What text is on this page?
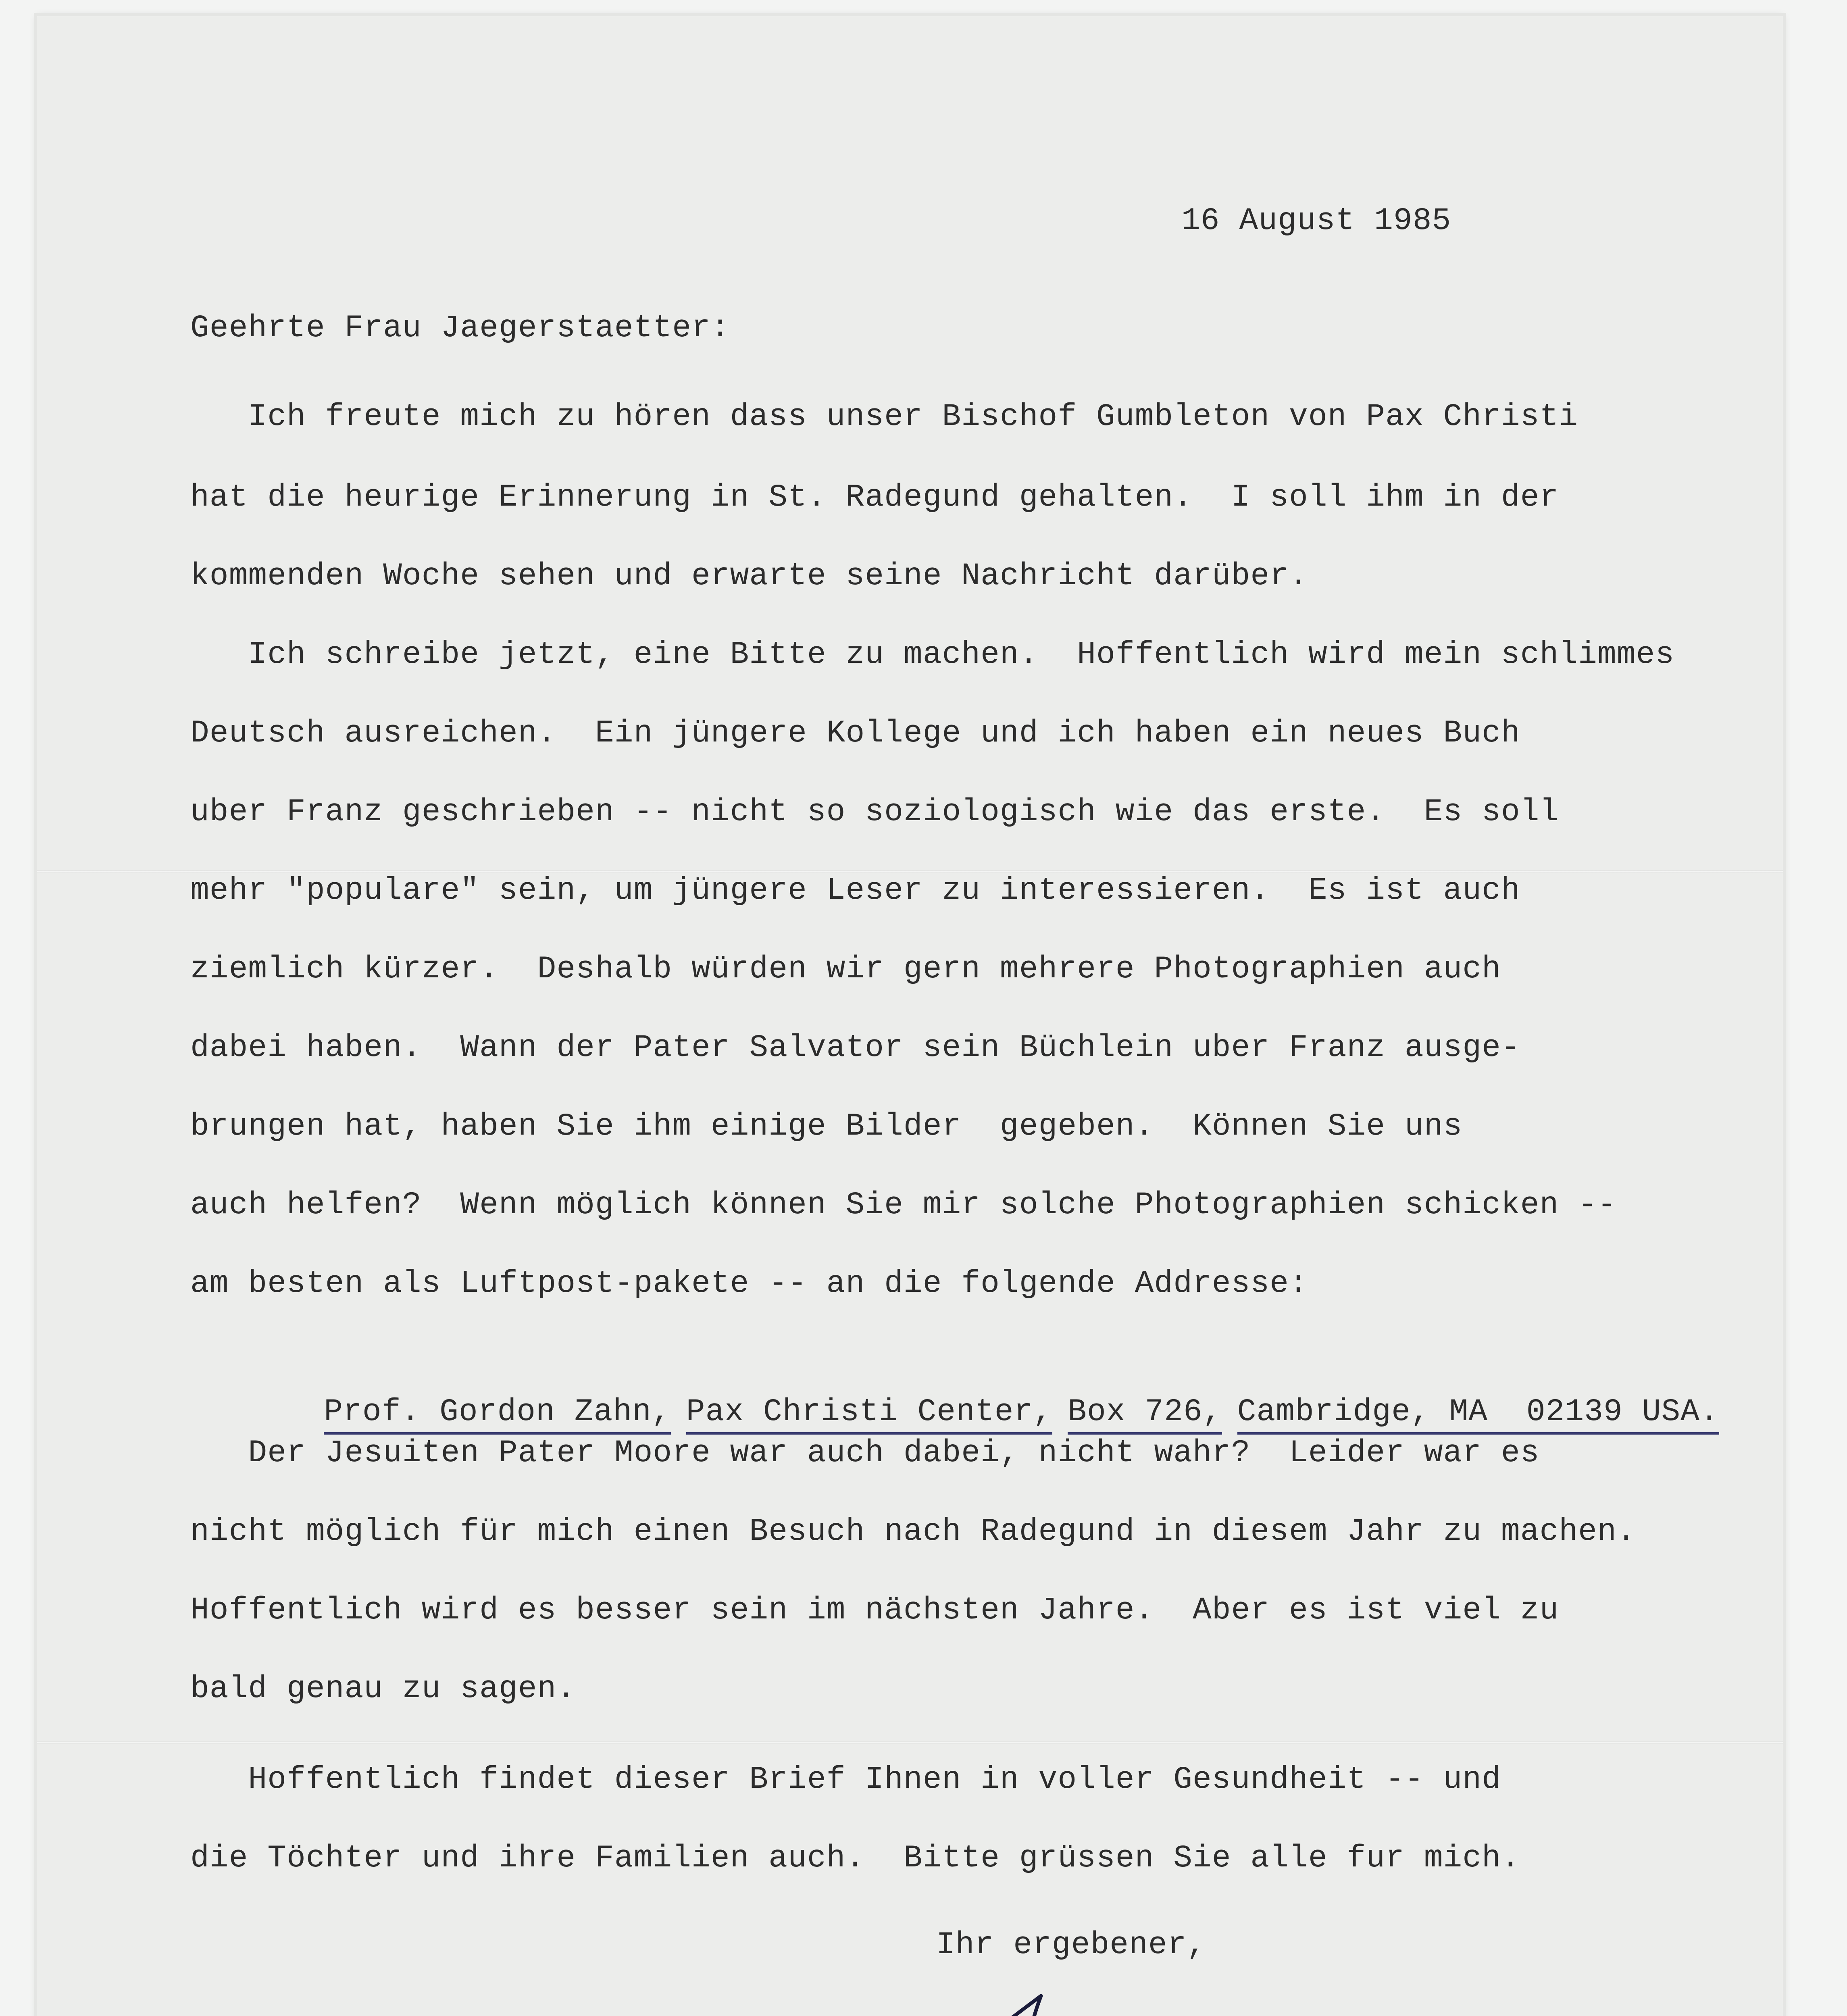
16 August 1985
Geehrte Frau Jaegerstaetter:
Ich freute mich zu hören dass unser Bischof Gumbleton von Pax Christi
hat die heurige Erinnerung in St. Radegund gehalten.  I soll ihm in der
kommenden Woche sehen und erwarte seine Nachricht darüber.
Ich schreibe jetzt, eine Bitte zu machen.  Hoffentlich wird mein schlimmes
Deutsch ausreichen.  Ein jüngere Kollege und ich haben ein neues Buch
uber Franz geschrieben -- nicht so soziologisch wie das erste.  Es soll
mehr "populare" sein, um jüngere Leser zu interessieren.  Es ist auch
ziemlich kürzer.  Deshalb würden wir gern mehrere Photographien auch
dabei haben.  Wann der Pater Salvator sein Büchlein uber Franz ausge-
brungen hat, haben Sie ihm einige Bilder  gegeben.  Können Sie uns
auch helfen?  Wenn möglich können Sie mir solche Photographien schicken --
am besten als Luftpost-pakete -- an die folgende Addresse:

Prof. Gordon Zahn, Pax Christi Center, Box 726, Cambridge, MA  02139 USA.

Der Jesuiten Pater Moore war auch dabei, nicht wahr?  Leider war es
nicht möglich für mich einen Besuch nach Radegund in diesem Jahr zu machen.
Hoffentlich wird es besser sein im nächsten Jahre.  Aber es ist viel zu
bald genau zu sagen.
Hoffentlich findet dieser Brief Ihnen in voller Gesundheit -- und
die Töchter und ihre Familien auch.  Bitte grüssen Sie alle fur mich.
Ihr ergebener,
